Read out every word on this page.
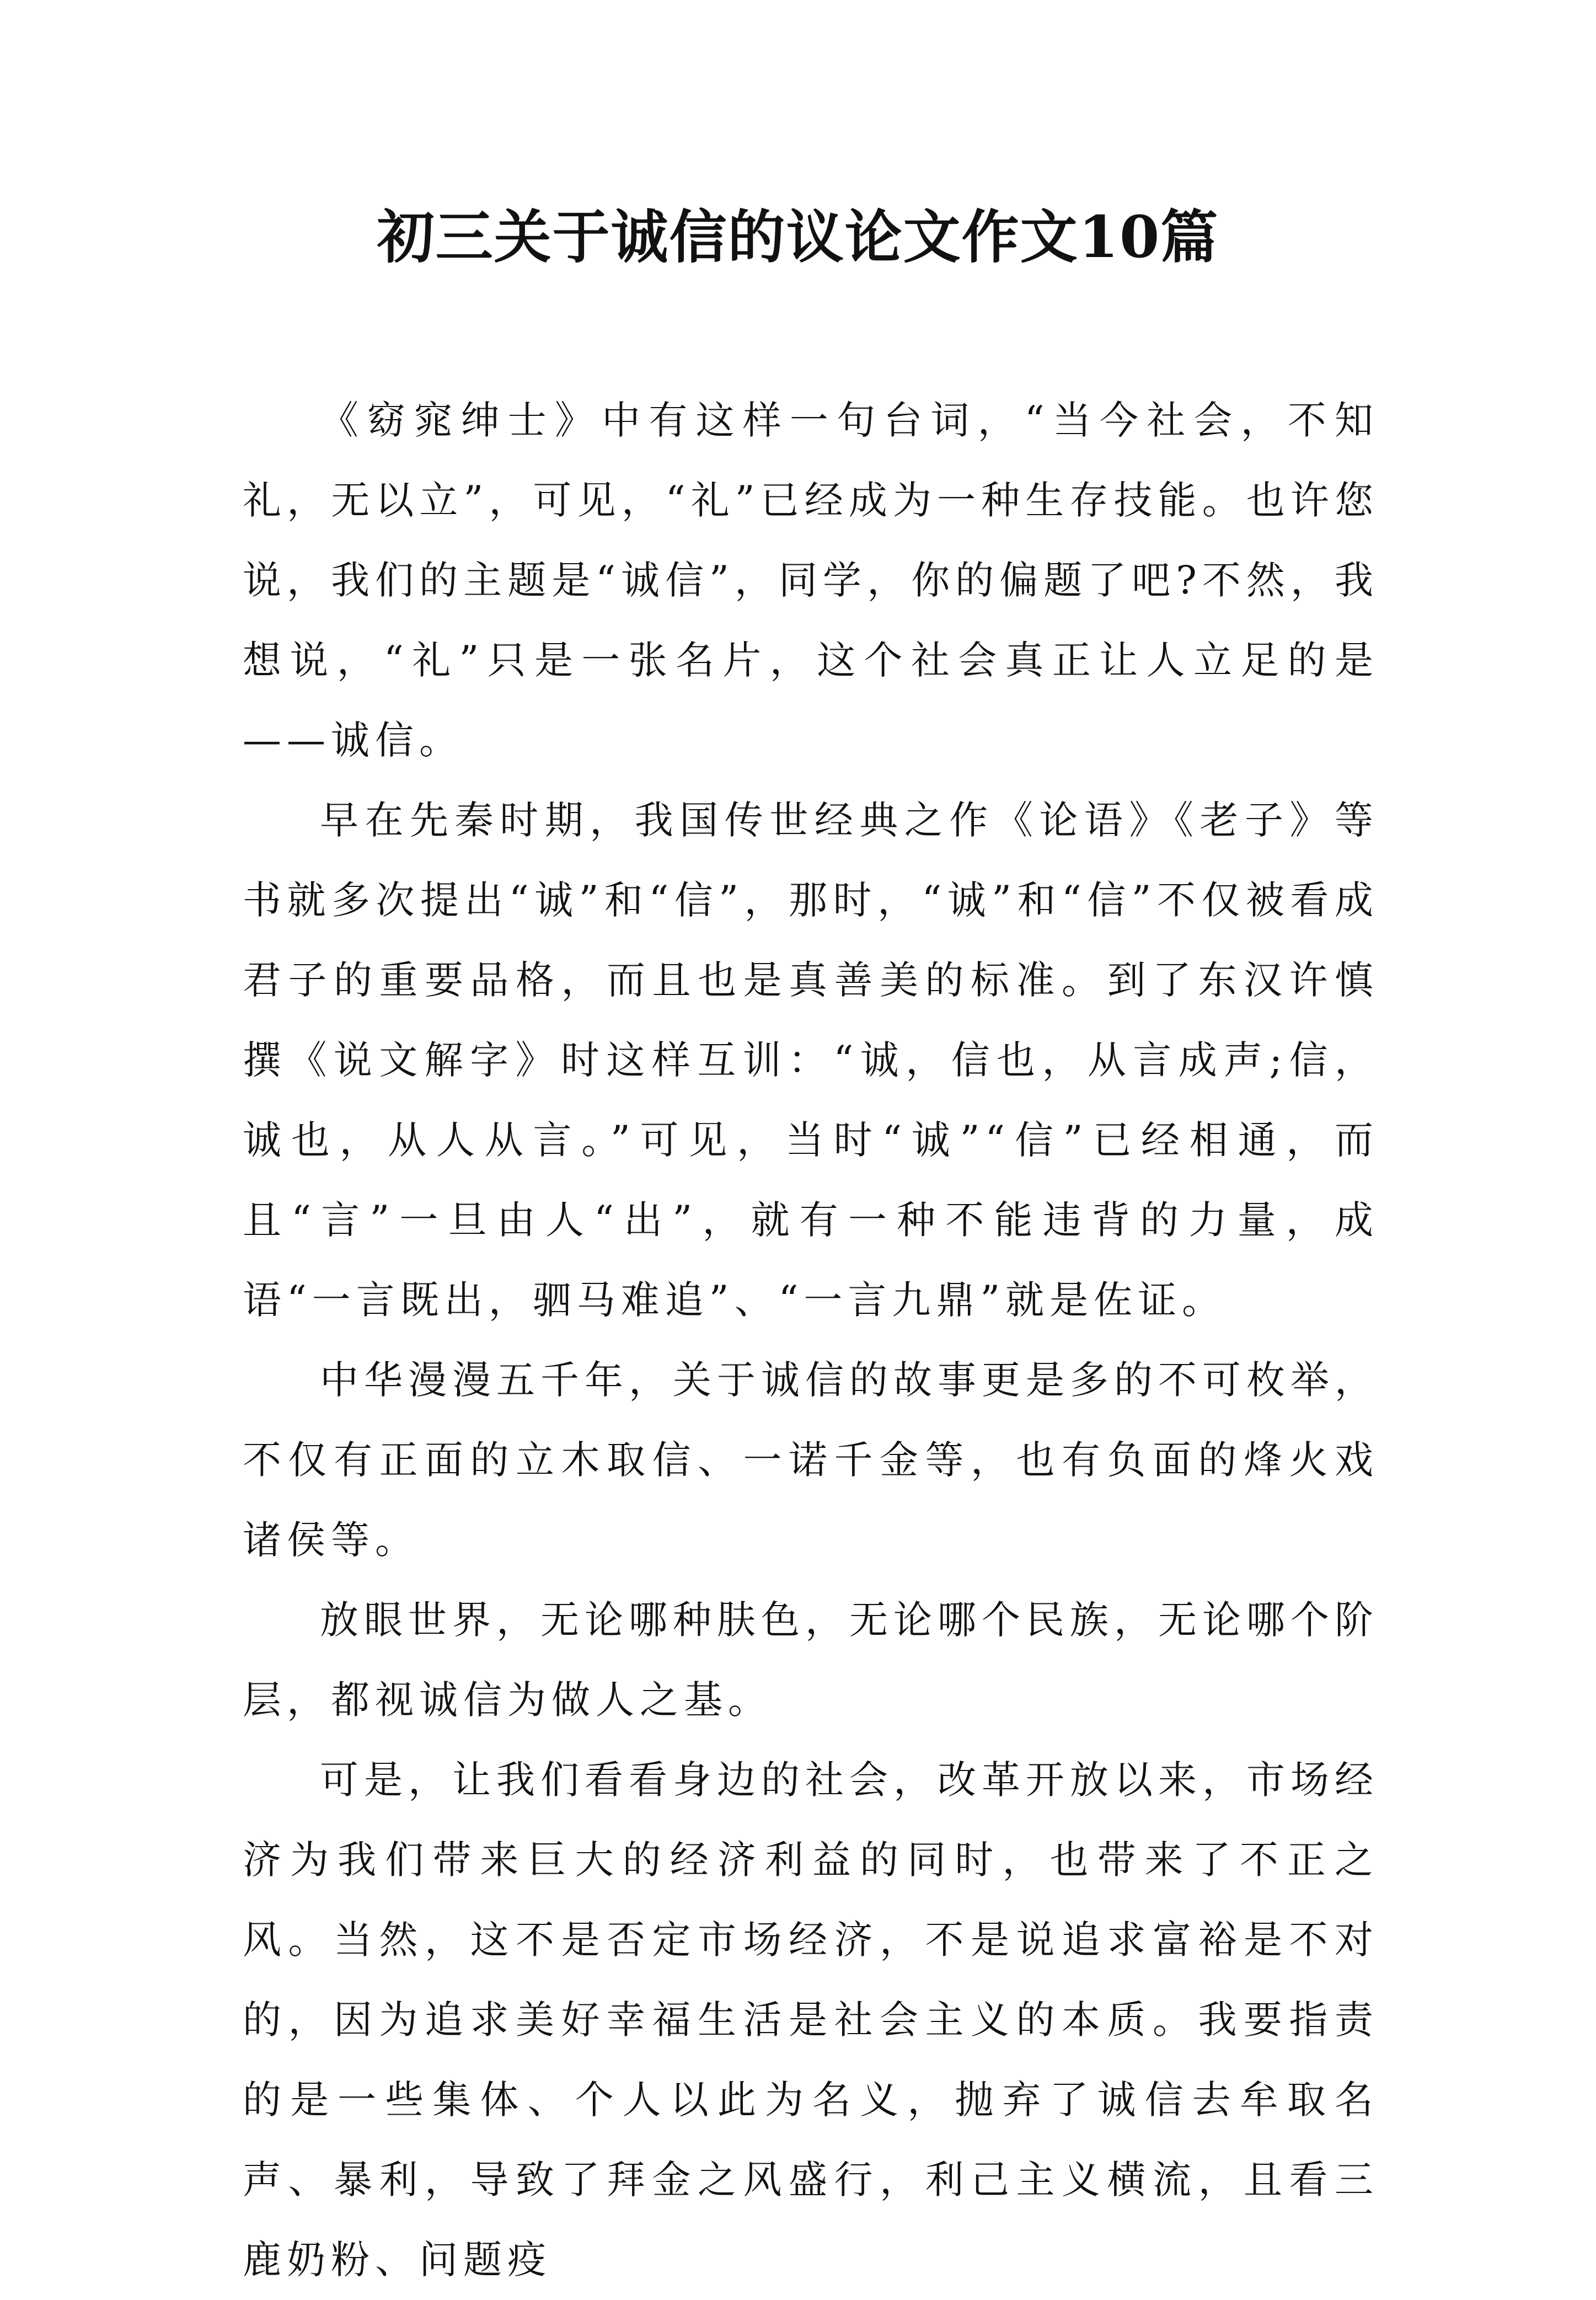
初三关于诚信的议论文作文10篇

《窈窕绅士》中有这样一句台词，“当今社会，不知礼，无以立”，可见，“礼”已经成为一种生存技能。也许您说，我们的主题是“诚信”，同学，你的偏题了吧?不然，我想说，“礼”只是一张名片，这个社会真正让人立足的是——诚信。

早在先秦时期，我国传世经典之作《论语》《老子》等书就多次提出“诚”和“信”，那时，“诚”和“信”不仅被看成君子的重要品格，而且也是真善美的标准。到了东汉许慎撰《说文解字》时这样互训：“诚，信也，从言成声;信，诚也，从人从言。”可见，当时“诚”“信”已经相通，而且“言”一旦由人“出”，就有一种不能违背的力量，成语“一言既出，驷马难追”、“一言九鼎”就是佐证。

中华漫漫五千年，关于诚信的故事更是多的不可枚举，不仅有正面的立木取信、一诺千金等，也有负面的烽火戏诸侯等。

放眼世界，无论哪种肤色，无论哪个民族，无论哪个阶层，都视诚信为做人之基。

可是，让我们看看身边的社会，改革开放以来，市场经济为我们带来巨大的经济利益的同时，也带来了不正之风。当然，这不是否定市场经济，不是说追求富裕是不对的，因为追求美好幸福生活是社会主义的本质。我要指责的是一些集体、个人以此为名义，抛弃了诚信去牟取名声、暴利，导致了拜金之风盛行，利己主义横流，且看三鹿奶粉、问题疫
